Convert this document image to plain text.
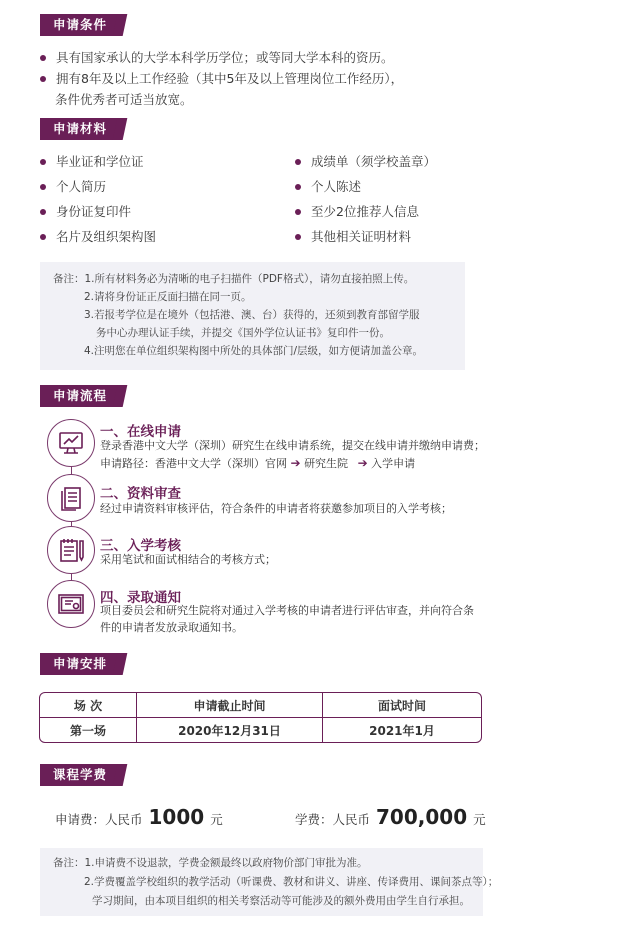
申请条件
具有国家承认的大学本科学历学位；或等同大学本科的资历。
拥有8年及以上工作经验（其中5年及以上管理岗位工作经历），
条件优秀者可适当放宽。
申请材料
毕业证和学位证
个人简历
身份证复印件
名片及组织架构图
成绩单（须学校盖章）
个人陈述
至少2位推荐人信息
其他相关证明材料
备注：1.所有材料务必为清晰的电子扫描件（PDF格式），请勿直接拍照上传。
2.请将身份证正反面扫描在同一页。
3.若报考学位是在境外（包括港、澳、台）获得的，还须到教育部留学服
务中心办理认证手续，并提交《国外学位认证书》复印件一份。
4.注明您在单位组织架构图中所处的具体部门/层级，如方便请加盖公章。
申请流程
一、在线申请
登录香港中文大学（深圳）研究生在线申请系统，提交在线申请并缴纳申请费；
申请路径：香港中文大学（深圳）官网 ➔ 研究生院 ➔ 入学申请
二、资料审查
经过申请资料审核评估，符合条件的申请者将获邀参加项目的入学考核；
三、入学考核
采用笔试和面试相结合的考核方式；
四、录取通知
项目委员会和研究生院将对通过入学考核的申请者进行评估审查，并向符合条
件的申请者发放录取通知书。
申请安排
场 次	申请截止时间	面试时间
第一场	2020年12月31日	2021年1月
课程学费
申请费：人民币 1000 元	学费：人民币 700,000 元
备注：1.申请费不设退款，学费金额最终以政府物价部门审批为准。
2.学费覆盖学校组织的教学活动（听课费、教材和讲义、讲座、传译费用、课间茶点等）；
学习期间，由本项目组织的相关考察活动等可能涉及的额外费用由学生自行承担。
